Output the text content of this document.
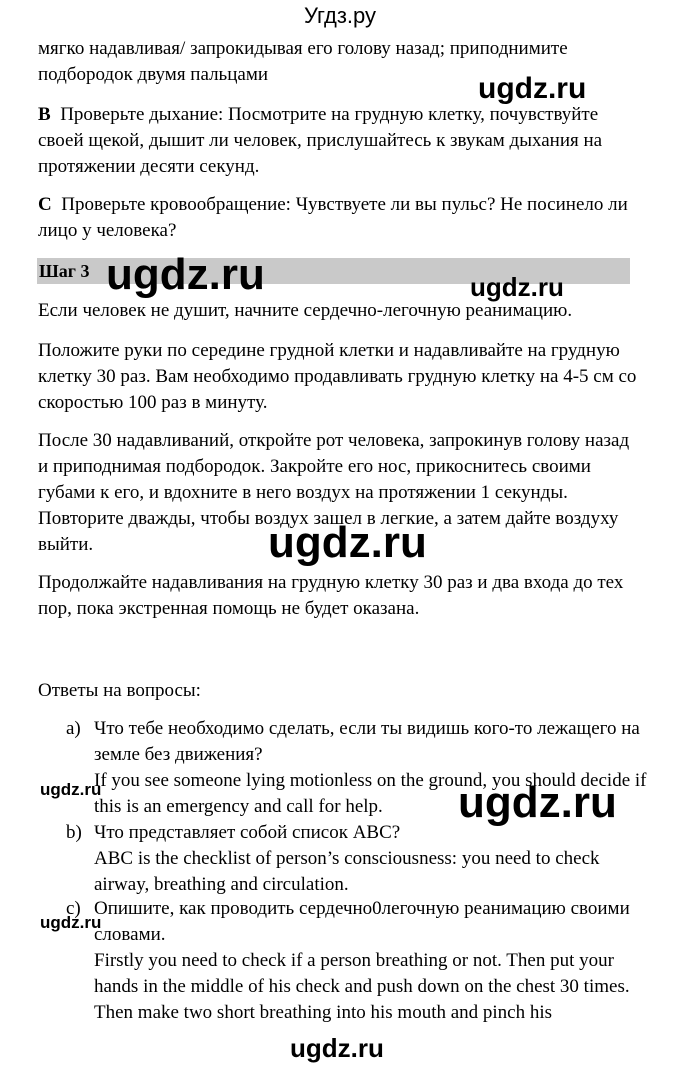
Угдз.ру
мягко надавливая/ запрокидывая его голову назад; приподнимите подбородок двумя пальцами
B Проверьте дыхание: Посмотрите на грудную клетку, почувствуйте своей щекой, дышит ли человек, прислушайтесь к звукам дыхания на протяжении десяти секунд.
C Проверьте кровообращение: Чувствуете ли вы пульс? Не посинело ли лицо у человека?
Шаг 3
Если человек не душит, начните сердечно-легочную реанимацию.
Положите руки по середине грудной клетки и надавливайте на грудную клетку 30 раз. Вам необходимо продавливать грудную клетку на 4-5 см со скоростью 100 раз в минуту.
После 30 надавливаний, откройте рот человека, запрокинув голову назад и приподнимая подбородок. Закройте его нос, прикоснитесь своими губами к его, и вдохните в него воздух на протяжении 1 секунды. Повторите дважды, чтобы воздух зашел в легкие, а затем дайте воздуху выйти.
Продолжайте надавливания на грудную клетку 30 раз и два входа до тех пор, пока экстренная помощь не будет оказана.
Ответы на вопросы:
a) Что тебе необходимо сделать, если ты видишь кого-то лежащего на земле без движения?
If you see someone lying motionless on the ground, you should decide if this is an emergency and call for help.
b) Что представляет собой список ABC?
ABC is the checklist of person’s consciousness: you need to check airway, breathing and circulation.
c) Опишите, как проводить сердечно0легочную реанимацию своими словами.
Firstly you need to check if a person breathing or not. Then put your hands in the middle of his check and push down on the chest 30 times. Then make two short breathing into his mouth and pinch his
ugdz.ru
ugdz.ru	ugdz.ru
ugdz.ru
ugdz.ru	ugdz.ru
ugdz.ru
ugdz.ru
